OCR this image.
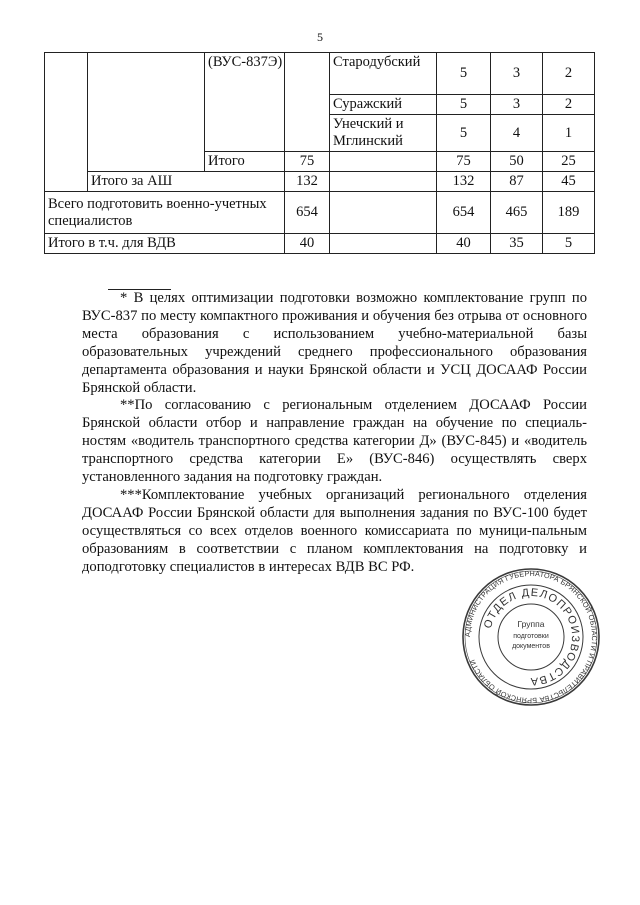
5
		(ВУС-837Э)		Стародубский	5	3	2
				Суражский	5	3	2
				Унечский и Мглинский	5	4	1
		Итого	75		75	50	25
	Итого за АШ		132		132	87	45
Всего подготовить военно-учетных специалистов			654		654	465	189
Итого в т.ч. для ВДВ			40		40	35	5

* В целях оптимизации подготовки возможно комплектование групп по ВУС-837 по месту компактного проживания и обучения без отрыва от основного места образования с использованием учебно-материальной базы образовательных учреждений среднего профессионального образования департамента образования и науки Брянской области и УСЦ ДОСААФ России Брянской области.

**По согласованию с региональным отделением ДОСААФ России Брянской области отбор и направление граждан на обучение по специаль-ностям «водитель транспортного средства категории Д» (ВУС-845) и «водитель транспортного средства категории Е» (ВУС-846) осуществлять сверх установленного задания на подготовку граждан.

***Комплектование учебных организаций регионального отделения ДОСААФ России Брянской области для выполнения задания по ВУС-100 будет осуществляться со всех отделов военного комиссариата по муници-пальным образованиям в соответствии с планом комплектования на подготовку и доподготовку специалистов в интересах ВДВ ВС РФ.

АДМИНИСТРАЦИЯ ГУБЕРНАТОРА БРЯНСКОЙ ОБЛАСТИ И ПРАВИТЕЛЬСТВА БРЯНСКОЙ ОБЛАСТИ
ОТДЕЛ ДЕЛОПРОИЗВОДСТВА
Группа
подготовки
документов
